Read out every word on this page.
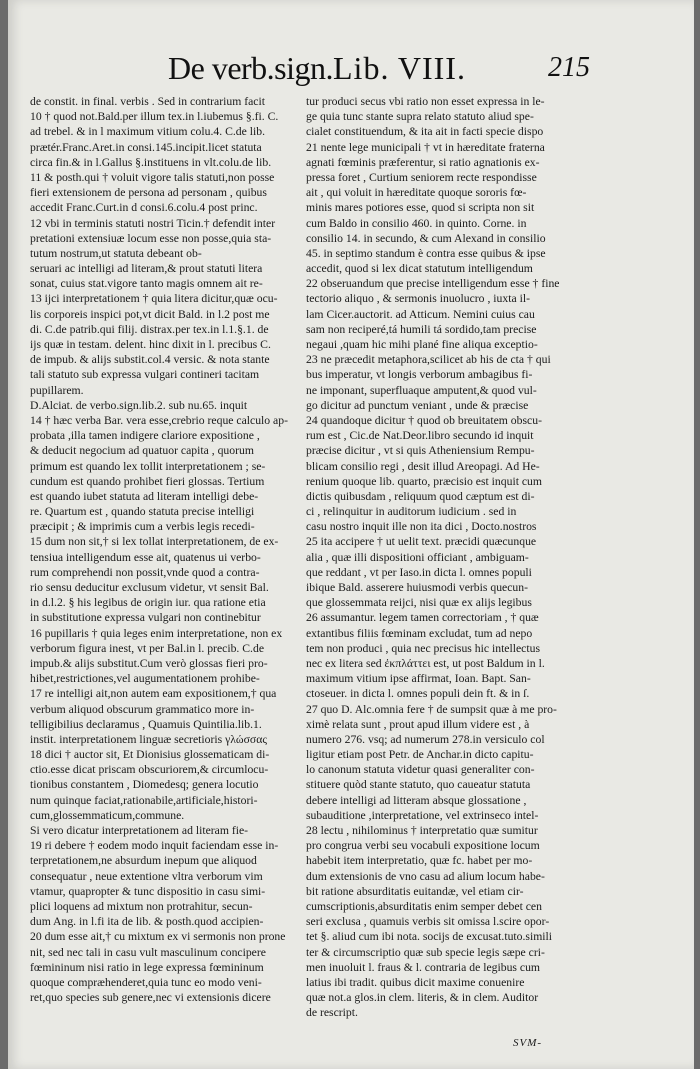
De verb.sign. Lib. VIII.	215
de constit. in final. verbis . Sed in contrarium facit
10 † quod not.Bald.per illum tex.in l.iubemus §.fi. C.
ad trebel. & in l maximum vitium colu.4. C.de lib.
prætér.Franc.Aret.in consi.145.incipit.licet statuta
circa fin.& in l.Gallus §.instituens in vlt.colu.de lib.
11 & posth.qui † voluit vigore talis statuti,non posse
fieri extensionem de persona ad personam , quibus
accedit Franc.Curt.in d consi.6.colu.4 post princ.
12 vbi in terminis statuti nostri Ticin.† defendit inter
pretationi extensiuæ locum esse non posse,quia sta-
tutum nostrum,ut statuta debeant ob-
seruari ac intelligi ad literam,& prout statuti litera
sonat, cuius stat.vigore tanto magis omnem ait re-
13 ijci interpretationem † quia litera dicitur,quæ ocu-
lis corporeis inspici pot,vt dicit Bald. in l.2 post me
di. C.de patrib.qui filij. distrax.per tex.in l.1.§.1. de
ijs quæ in testam. delent. hinc dixit in l. precibus C.
de impub. & alijs substit.col.4 versic. & nota stante
tali statuto sub expressa vulgari contineri tacitam
pupillarem.
D.Alciat. de verbo.sign.lib.2. sub nu.65. inquit
14 † hæc verba Bar. vera esse,crebrio reque calculo ap-
probata ,illa tamen indigere clariore expositione ,
& deducit negocium ad quatuor capita , quorum
primum est quando lex tollit interpretationem ; se-
cundum est quando prohibet fieri glossas. Tertium
est quando iubet statuta ad literam intelligi debe-
re. Quartum est , quando statuta precise intelligi
præcipit ; & imprimis cum a verbis legis recedi-
15 dum non sit,† si lex tollat interpretationem, de ex-
tensiua intelligendum esse ait, quatenus ui verbo-
rum comprehendi non possit,vnde quod a contra-
rio sensu deducitur exclusum videtur, vt sensit Bal.
in d.l.2. § his legibus de origin iur. qua ratione etia
in substitutione expressa vulgari non continebitur
16 pupillaris † quia leges enim interpretatione, non ex
verborum figura inest, vt per Bal.in l. precib. C.de
impub.& alijs substitut.Cum verò glossas fieri pro-
hibet,restrictiones,vel augumentationem prohibe-
17 re intelligi ait,non autem eam expositionem,† qua
verbum aliquod obscurum grammatico more in-
telligibilius declaramus , Quamuis Quintilia.lib.1.
instit. interpretationem linguæ secretioris γλώσσας
18 dici † auctor sit, Et Dionisius glossematicam di-
ctio.esse dicat priscam obscuriorem,& circumlocu-
tionibus constantem , Diomedesq; genera locutio
num quinque faciat,rationabile,artificiale,histori-
cum,glossemmaticum,commune.
Si vero dicatur interpretationem ad literam fie-
19 ri debere † eodem modo inquit faciendam esse in-
terpretationem,ne absurdum inepum que aliquod
consequatur , neue extentione vltra verborum vim
vtamur, quapropter & tunc dispositio in casu simi-
plici loquens ad mixtum non protrahitur, secun-
dum Ang. in l.fi ita de lib. & posth.quod accipien-
20 dum esse ait,† cu mixtum ex vi sermonis non prone
nit, sed nec tali in casu vult masculinum concipere
fœmininum nisi ratio in lege expressa fœmininum
quoque compræhenderet,quia tunc eo modo veni-
ret,quo species sub genere,nec vi extensionis dicere
tur produci secus vbi ratio non esset expressa in le-
ge quia tunc stante supra relato statuto aliud spe-
cialet constituendum, & ita ait in facti specie dispo
21 nente lege municipali † vt in hæreditate fraterna
agnati fœminis præferentur, si ratio agnationis ex-
pressa foret , Curtium seniorem recte respondisse
ait , qui voluit in hæreditate quoque sororis fœ-
minis mares potiores esse, quod si scripta non sit
cum Baldo in consilio 460. in quinto. Corne. in
consilio 14. in secundo, & cum Alexand in consilio
45. in septimo standum è contra esse quibus & ipse
accedit, quod si lex dicat statutum intelligendum
22 obseruandum que precise intelligendum esse † fine
tectorio aliquo , & sermonis inuolucro , iuxta il-
lam Cicer.auctorit. ad Atticum. Nemini cuius cau
sam non reciperé,tá humili tá sordido,tam precise
negaui ,quam hic mihi plané fine aliqua exceptio-
23 ne præcedit metaphora,scilicet ab his de cta † qui
bus imperatur, vt longis verborum ambagibus fi-
ne imponant, superfluaque amputent,& quod vul-
go dicitur ad punctum veniant , unde & præcise
24 quandoque dicitur † quod ob breuitatem obscu-
rum est , Cic.de Nat.Deor.libro secundo id inquit
præcise dicitur , vt si quis Atheniensium Rempu-
blicam consilio regi , desit illud Areopagi. Ad He-
renium quoque lib. quarto, præcisio est inquit cum
dictis quibusdam , reliquum quod cæptum est di-
ci , relinquitur in auditorum iudicium . sed in
casu nostro inquit ille non ita dici , Docto.nostros
25 ita accipere † ut uelit text. præcidi quæcunque
alia , quæ illi dispositioni officiant , ambiguam-
que reddant , vt per Iaso.in dicta l. omnes populi
ibique Bald. asserere huiusmodi verbis quecun-
que glossemmata reijci, nisi quæ ex alijs legibus
26 assumantur. legem tamen correctoriam , † quæ
extantibus filiis fœminam excludat, tum ad nepo
tem non produci , quia nec precisus hic intellectus
nec ex litera sed ἐκπλάττει est, ut post Baldum in l.
maximum vitium ipse affirmat, Ioan. Bapt. San-
ctoseuer. in dicta l. omnes populi dein ft. & in ſ.
27 quo D. Alc.omnia fere † de sumpsit quæ à me pro-
ximè relata sunt , prout apud illum videre est , à
numero 276. vsq; ad numerum 278.in versiculo col
ligitur etiam post Petr. de Anchar.in dicto capitu-
lo canonum statuta videtur quasi generaliter con-
stituere quòd stante statuto, quo caueatur statuta
debere intelligi ad litteram absque glossatione ,
subauditione ,interpretatione, vel extrinseco intel-
28 lectu , nihilominus † interpretatio quæ sumitur
pro congrua verbi seu vocabuli expositione locum
habebit item interpretatio, quæ fc. habet per mo-
dum extensionis de vno casu ad alium locum habe-
bit ratione absurditatis euitandæ, vel etiam cir-
cumscriptionis,absurditatis enim semper debet cen
seri exclusa , quamuis verbis sit omissa l.scire opor-
tet §. aliud cum ibi nota. socijs de excusat.tuto.simili
ter & circumscriptio quæ sub specie legis sæpe cri-
men inuoluit l. fraus & l. contraria de legibus cum
latius ibi tradit. quibus dicit maxime conuenire
quæ not.a glos.in clem. literis, & in clem. Auditor
de rescript.
SVM-
